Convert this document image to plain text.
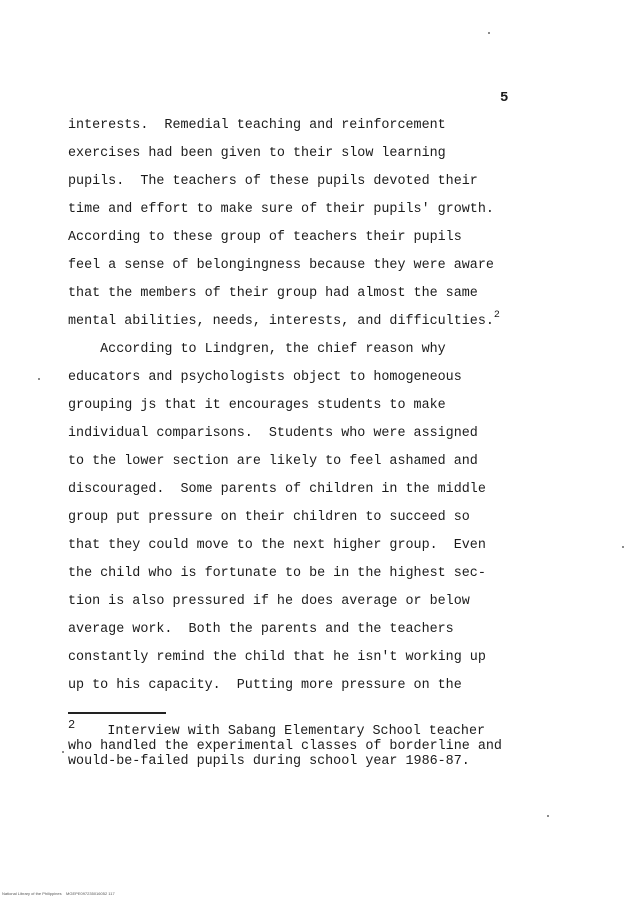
5

interests.  Remedial teaching and reinforcement

exercises had been given to their slow learning

pupils.  The teachers of these pupils devoted their

time and effort to make sure of their pupils' growth.

According to these group of teachers their pupils

feel a sense of belongingness because they were aware

that the members of their group had almost the same

mental abilities, needs, interests, and difficulties.$^2$

According to Lindgren, the chief reason why

educators and psychologists object to homogeneous

grouping js that it encourages students to make

individual comparisons.  Students who were assigned

to the lower section are likely to feel ashamed and

discouraged.  Some parents of children in the middle

group put pressure on their children to succeed so

that they could move to the next higher group.  Even

the child who is fortunate to be in the highest sec-

tion is also pressured if he does average or below

average work.  Both the parents and the teachers

constantly remind the child that he isn't working up

up to his capacity.  Putting more pressure on the

2    Interview with Sabang Elementary School teacher

who handled the experimental classes of borderline and

would-be-failed pupils during school year 1986-87.

National Library of the Philippines    MGEPE097235016052 117
